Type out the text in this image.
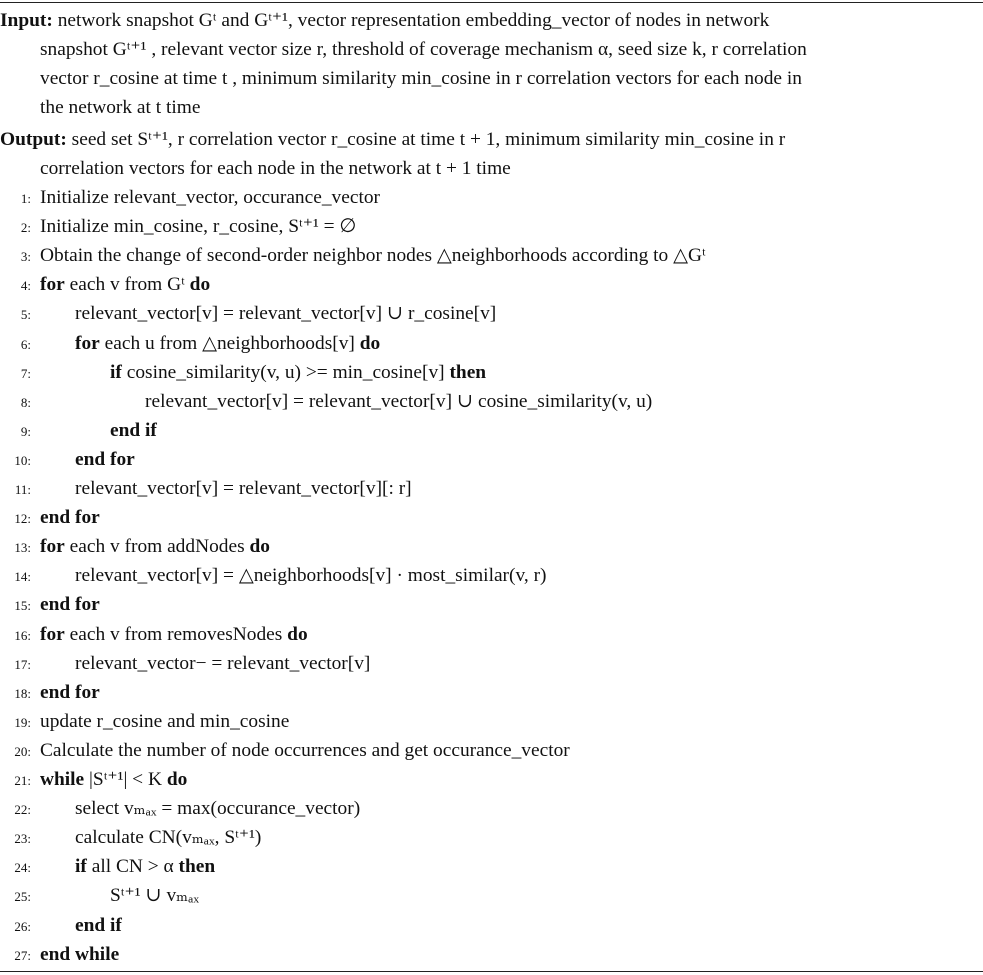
Input: network snapshot Gᵗ and Gᵗ⁺¹, vector representation embedding_vector of nodes in network
snapshot Gᵗ⁺¹ , relevant vector size r, threshold of coverage mechanism α, seed size k, r correlation
vector r_cosine at time t , minimum similarity min_cosine in r correlation vectors for each node in
the network at t time
Output: seed set Sᵗ⁺¹, r correlation vector r_cosine at time t + 1, minimum similarity min_cosine in r
correlation vectors for each node in the network at t + 1 time
1: Initialize relevant_vector, occurance_vector
2: Initialize min_cosine, r_cosine, Sᵗ⁺¹ = ∅
3: Obtain the change of second-order neighbor nodes △neighborhoods according to △Gᵗ
4: for each v from Gᵗ do
5: relevant_vector[v] = relevant_vector[v] ∪ r_cosine[v]
6: for each u from △neighborhoods[v] do
7:	if cosine_similarity(v, u) >= min_cosine[v] then
8:	relevant_vector[v] = relevant_vector[v] ∪ cosine_similarity(v, u)
9:	end if
10: end for
11: relevant_vector[v] = relevant_vector[v][: r]
12: end for
13: for each v from addNodes do
14: relevant_vector[v] = △neighborhoods[v] · most_similar(v, r)
15: end for
16: for each v from removesNodes do
17: relevant_vector− = relevant_vector[v]
18: end for
19: update r_cosine and min_cosine
20: Calculate the number of node occurrences and get occurance_vector
21: while |Sᵗ⁺¹| < K do
22: select vₘₐₓ = max(occurance_vector)
23: calculate CN(vₘₐₓ, Sᵗ⁺¹)
24: if all CN > α then
25:	Sᵗ⁺¹ ∪ vₘₐₓ
26: end if
27: end while
